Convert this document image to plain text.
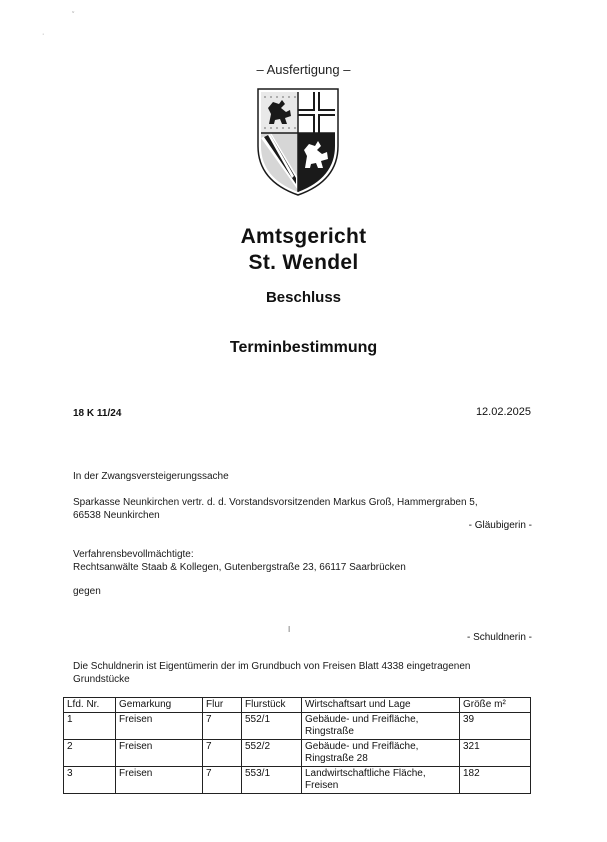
ˇ
·
– Ausfertigung –
Amtsgericht
St. Wendel
Beschluss
Terminbestimmung
18 K 11/24	12.02.2025
In der Zwangsversteigerungssache
Sparkasse Neunkirchen vertr. d. d. Vorstandsvorsitzenden Markus Groß, Hammergraben 5,
66538 Neunkirchen
- Gläubigerin -
Verfahrensbevollmächtigte:
Rechtsanwälte Staab & Kollegen, Gutenbergstraße 23, 66117 Saarbrücken
gegen
I
- Schuldnerin -
Die Schuldnerin ist Eigentümerin der im Grundbuch von Freisen Blatt 4338 eingetragenen
Grundstücke
Lfd. Nr.	Gemarkung	Flur	Flurstück	Wirtschaftsart und Lage	Größe m²
1	Freisen	7	552/1	Gebäude- und Freifläche, Ringstraße	39
2	Freisen	7	552/2	Gebäude- und Freifläche, Ringstraße 28	321
3	Freisen	7	553/1	Landwirtschaftliche Fläche, Freisen	182
